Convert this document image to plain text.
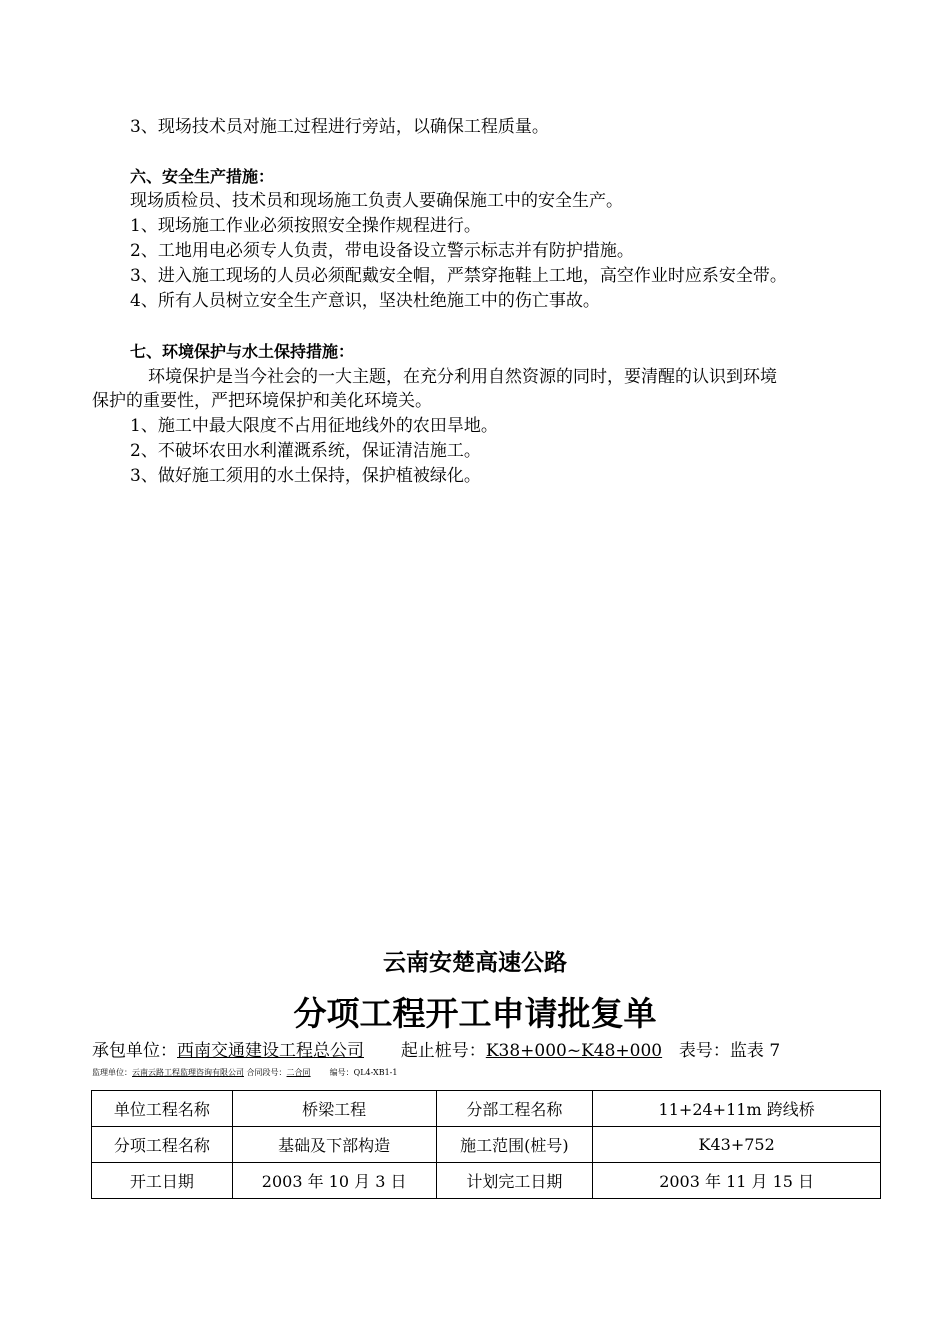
3、现场技术员对施工过程进行旁站，以确保工程质量。
六、安全生产措施：
现场质检员、技术员和现场施工负责人要确保施工中的安全生产。
1、现场施工作业必须按照安全操作规程进行。
2、工地用电必须专人负责，带电设备设立警示标志并有防护措施。
3、进入施工现场的人员必须配戴安全帽，严禁穿拖鞋上工地，高空作业时应系安全带。
4、所有人员树立安全生产意识，坚决杜绝施工中的伤亡事故。
七、环境保护与水土保持措施：
环境保护是当今社会的一大主题，在充分利用自然资源的同时，要清醒的认识到环境
保护的重要性，严把环境保护和美化环境关。
1、施工中最大限度不占用征地线外的农田旱地。
2、不破坏农田水利灌溉系统，保证清洁施工。
3、做好施工须用的水土保持，保护植被绿化。
云南安楚高速公路
分项工程开工申请批复单
承包单位：西南交通建设工程总公司 起止桩号：K38+000~K48+000 表号：监表 7
监理单位：云南云路工程监理咨询有限公司 合同段号：二合同 编号：QL4-XB1-1
单位工程名称	桥梁工程	分部工程名称	11+24+11m 跨线桥
分项工程名称	基础及下部构造	施工范围(桩号)	K43+752
开工日期	2003 年 10 月 3 日	计划完工日期	2003 年 11 月 15 日
